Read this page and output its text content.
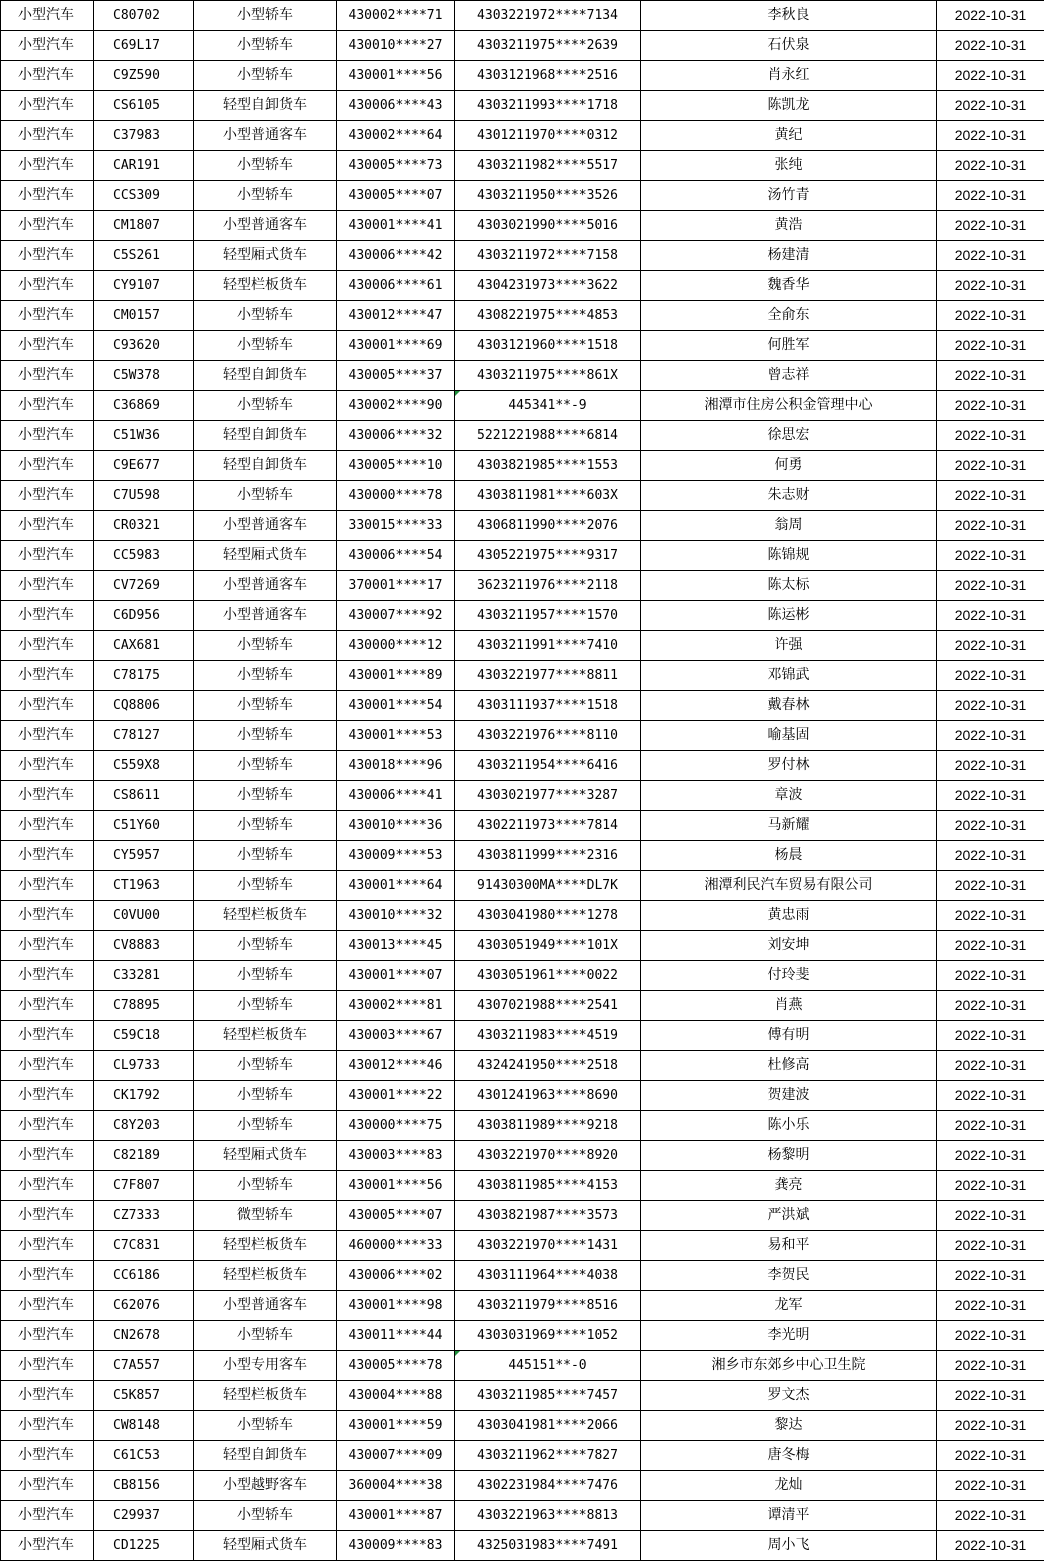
小型汽车	C80702	小型轿车	430002****71	4303221972****7134	李秋良	2022-10-31
小型汽车	C69L17	小型轿车	430010****27	4303211975****2639	石伏泉	2022-10-31
小型汽车	C9Z590	小型轿车	430001****56	4303121968****2516	肖永红	2022-10-31
小型汽车	CS6105	轻型自卸货车	430006****43	4303211993****1718	陈凯龙	2022-10-31
小型汽车	C37983	小型普通客车	430002****64	4301211970****0312	黄纪	2022-10-31
小型汽车	CAR191	小型轿车	430005****73	4303211982****5517	张纯	2022-10-31
小型汽车	CCS309	小型轿车	430005****07	4303211950****3526	汤竹青	2022-10-31
小型汽车	CM1807	小型普通客车	430001****41	4303021990****5016	黄浩	2022-10-31
小型汽车	C5S261	轻型厢式货车	430006****42	4303211972****7158	杨建清	2022-10-31
小型汽车	CY9107	轻型栏板货车	430006****61	4304231973****3622	魏香华	2022-10-31
小型汽车	CM0157	小型轿车	430012****47	4308221975****4853	全俞东	2022-10-31
小型汽车	C93620	小型轿车	430001****69	4303121960****1518	何胜军	2022-10-31
小型汽车	C5W378	轻型自卸货车	430005****37	4303211975****861X	曾志祥	2022-10-31
小型汽车	C36869	小型轿车	430002****90	445341**-9	湘潭市住房公积金管理中心	2022-10-31
小型汽车	C51W36	轻型自卸货车	430006****32	5221221988****6814	徐思宏	2022-10-31
小型汽车	C9E677	轻型自卸货车	430005****10	4303821985****1553	何勇	2022-10-31
小型汽车	C7U598	小型轿车	430000****78	4303811981****603X	朱志财	2022-10-31
小型汽车	CR0321	小型普通客车	330015****33	4306811990****2076	翁周	2022-10-31
小型汽车	CC5983	轻型厢式货车	430006****54	4305221975****9317	陈锦规	2022-10-31
小型汽车	CV7269	小型普通客车	370001****17	3623211976****2118	陈太标	2022-10-31
小型汽车	C6D956	小型普通客车	430007****92	4303211957****1570	陈运彬	2022-10-31
小型汽车	CAX681	小型轿车	430000****12	4303211991****7410	许强	2022-10-31
小型汽车	C78175	小型轿车	430001****89	4303221977****8811	邓锦武	2022-10-31
小型汽车	CQ8806	小型轿车	430001****54	4303111937****1518	戴春林	2022-10-31
小型汽车	C78127	小型轿车	430001****53	4303221976****8110	喻基固	2022-10-31
小型汽车	C559X8	小型轿车	430018****96	4303211954****6416	罗付林	2022-10-31
小型汽车	CS8611	小型轿车	430006****41	4303021977****3287	章波	2022-10-31
小型汽车	C51Y60	小型轿车	430010****36	4302211973****7814	马新耀	2022-10-31
小型汽车	CY5957	小型轿车	430009****53	4303811999****2316	杨晨	2022-10-31
小型汽车	CT1963	小型轿车	430001****64	91430300MA****DL7K	湘潭利民汽车贸易有限公司	2022-10-31
小型汽车	C0VU00	轻型栏板货车	430010****32	4303041980****1278	黄忠雨	2022-10-31
小型汽车	CV8883	小型轿车	430013****45	4303051949****101X	刘安坤	2022-10-31
小型汽车	C33281	小型轿车	430001****07	4303051961****0022	付玲斐	2022-10-31
小型汽车	C78895	小型轿车	430002****81	4307021988****2541	肖燕	2022-10-31
小型汽车	C59C18	轻型栏板货车	430003****67	4303211983****4519	傅有明	2022-10-31
小型汽车	CL9733	小型轿车	430012****46	4324241950****2518	杜修高	2022-10-31
小型汽车	CK1792	小型轿车	430001****22	4301241963****8690	贺建波	2022-10-31
小型汽车	C8Y203	小型轿车	430000****75	4303811989****9218	陈小乐	2022-10-31
小型汽车	C82189	轻型厢式货车	430003****83	4303221970****8920	杨黎明	2022-10-31
小型汽车	C7F807	小型轿车	430001****56	4303811985****4153	龚亮	2022-10-31
小型汽车	CZ7333	微型轿车	430005****07	4303821987****3573	严洪斌	2022-10-31
小型汽车	C7C831	轻型栏板货车	460000****33	4303221970****1431	易和平	2022-10-31
小型汽车	CC6186	轻型栏板货车	430006****02	4303111964****4038	李贺民	2022-10-31
小型汽车	C62076	小型普通客车	430001****98	4303211979****8516	龙军	2022-10-31
小型汽车	CN2678	小型轿车	430011****44	4303031969****1052	李光明	2022-10-31
小型汽车	C7A557	小型专用客车	430005****78	445151**-0	湘乡市东郊乡中心卫生院	2022-10-31
小型汽车	C5K857	轻型栏板货车	430004****88	4303211985****7457	罗文杰	2022-10-31
小型汽车	CW8148	小型轿车	430001****59	4303041981****2066	黎达	2022-10-31
小型汽车	C61C53	轻型自卸货车	430007****09	4303211962****7827	唐冬梅	2022-10-31
小型汽车	CB8156	小型越野客车	360004****38	4302231984****7476	龙灿	2022-10-31
小型汽车	C29937	小型轿车	430001****87	4303221963****8813	谭清平	2022-10-31
小型汽车	CD1225	轻型厢式货车	430009****83	4325031983****7491	周小飞	2022-10-31
